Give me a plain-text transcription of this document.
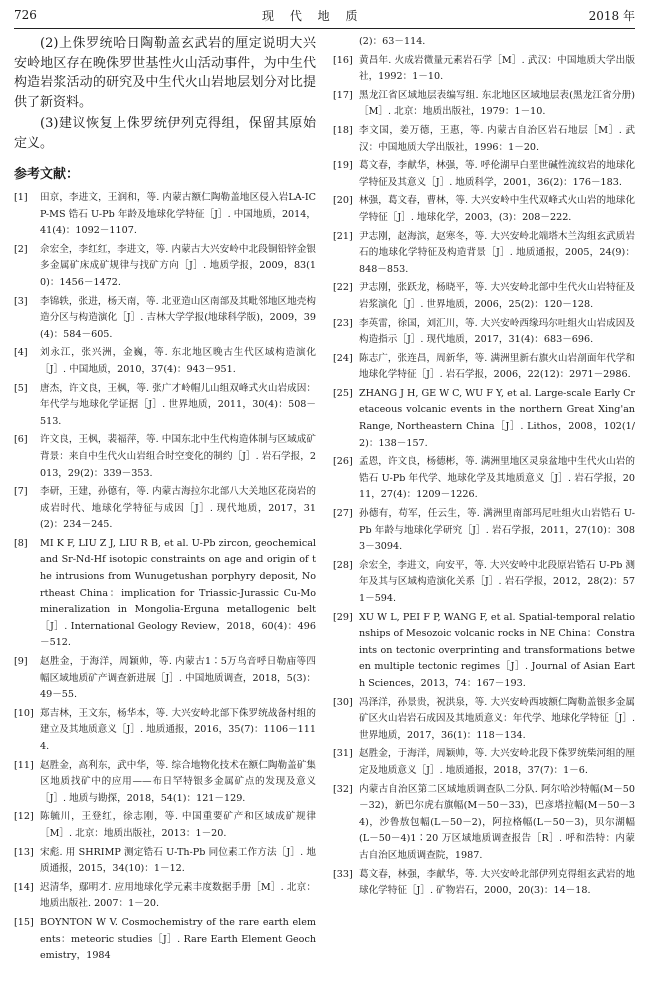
726	现 代 地 质	2018 年

(2)上侏罗统哈日陶勒盖玄武岩的厘定说明大兴安岭地区存在晚侏罗世基性火山活动事件，为中生代构造岩浆活动的研究及中生代火山岩地层划分对比提供了新资料。

(3)建议恢复上侏罗统伊列克得组，保留其原始定义。

参考文献：
[1]	田京，李进文，王润和，等. 内蒙古额仁陶勒盖地区侵入岩LA-ICP-MS 锆石 U-Pb 年龄及地球化学特征［J］. 中国地质，2014，41(4)：1092－1107.
[2]	佘宏全，李红红，李进文，等. 内蒙古大兴安岭中北段铜铅锌金银多金属矿床成矿规律与找矿方向［J］. 地质学报，2009，83(10)：1456－1472.
[3]	李锦轶，张进，杨天南，等. 北亚造山区南部及其毗邻地区地壳构造分区与构造演化［J］. 吉林大学学报(地球科学版)，2009，39(4)：584－605.
[4]	刘永江，张兴洲，金巍，等. 东北地区晚古生代区域构造演化［J］. 中国地质，2010，37(4)：943－951.
[5]	唐杰，许文良，王枫，等. 张广才岭帽儿山组双峰式火山岩成因：年代学与地球化学证据［J］. 世界地质，2011，30(4)：508－513.
[6]	许文良，王枫，裴福萍，等. 中国东北中生代构造体制与区域成矿背景：来自中生代火山岩组合时空变化的制约［J］. 岩石学报，2013，29(2)：339－353.
[7]	李研，王建，孙德有，等. 内蒙古海拉尔北部八大关地区花岗岩的成岩时代、地球化学特征与成因［J］. 现代地质，2017，31(2)：234－245.
[8]	MI K F, LIU Z J, LIU R B, et al. U-Pb zircon, geochemical and Sr-Nd-Hf isotopic constraints on age and origin of the intrusions from Wunugetushan porphyry deposit, Northeast China：implication for Triassic-Jurassic Cu-Mo mineralization in Mongolia-Erguna metallogenic belt［J］. International Geology Review，2018，60(4)：496－512.
[9]	赵胜金，于海洋，周颖帅，等. 内蒙古1∶5万乌音呼日勒庙等四幅区域地质矿产调查新进展［J］. 中国地质调查，2018，5(3)：49－55.
[10] 郑吉林，王文东，杨华本，等. 大兴安岭北部下侏罗统战备村组的建立及其地质意义［J］. 地质通报，2016，35(7)：1106－1114.
[11] 赵胜金，高利东，武中华，等. 综合地物化技术在额仁陶勒盖矿集区地质找矿中的应用——布日罕特银多金属矿点的发现及意义［J］. 地质与勘探，2018，54(1)：121－129.
[12] 陈毓川，王登红，徐志刚，等. 中国重要矿产和区域成矿规律［M］. 北京：地质出版社，2013：1－20.
[13] 宋彪. 用 SHRIMP 测定锆石 U-Th-Pb 同位素工作方法［J］. 地质通报，2015，34(10)：1－12.
[14] 迟清华，鄢明才. 应用地球化学元素丰度数据手册［M］. 北京：地质出版社. 2007：1－20.
[15] BOYNTON W V. Cosmochemistry of the rare earth elements：meteoric studies［J］. Rare Earth Element Geochemistry，1984
(2)：63－114.
[16] 黄昌年. 火成岩微量元素岩石学［M］. 武汉：中国地质大学出版社，1992：1－10.
[17] 黑龙江省区域地层表编写组. 东北地区区域地层表(黑龙江省分册)［M］. 北京：地质出版社，1979：1－10.
[18] 李文国，姜万德，王惠，等. 内蒙古自治区岩石地层［M］. 武汉：中国地质大学出版社，1996：1－20.
[19] 葛文春，李献华，林强，等. 呼伦湖早白垩世碱性流纹岩的地球化学特征及其意义［J］. 地质科学，2001，36(2)：176－183.
[20] 林强，葛文春，曹林，等. 大兴安岭中生代双峰式火山岩的地球化学特征［J］. 地球化学，2003，(3)：208－222.
[21] 尹志刚，赵海滨，赵寒冬，等. 大兴安岭北端塔木兰沟组玄武质岩石的地球化学特征及构造背景［J］. 地质通报，2005，24(9)：848－853.
[22] 尹志刚，张跃龙，杨晓平，等. 大兴安岭北部中生代火山岩特征及岩浆演化［J］. 世界地质，2006，25(2)：120－128.
[23] 李英雷，徐国，刘汇川，等. 大兴安岭西缘玛尔吐组火山岩成因及构造指示［J］. 现代地质，2017，31(4)：683－696.
[24] 陈志广，张连昌，周新华，等. 满洲里新右旗火山岩剖面年代学和地球化学特征［J］. 岩石学报，2006，22(12)：2971－2986.
[25] ZHANG J H, GE W C, WU F Y, et al. Large-scale Early Cretaceous volcanic events in the northern Great Xing'an Range, Northeastern China［J］. Lithos，2008，102(1/2)：138－157.
[26] 孟恩，许文良，杨德彬，等. 满洲里地区灵泉盆地中生代火山岩的锆石 U-Pb 年代学、地球化学及其地质意义［J］. 岩石学报，2011，27(4)：1209－1226.
[27] 孙德有，苟军，任云生，等. 满洲里南部玛尼吐组火山岩锆石 U-Pb 年龄与地球化学研究［J］. 岩石学报，2011，27(10)：3083－3094.
[28] 佘宏全，李进文，向安平，等. 大兴安岭中北段原岩锆石 U-Pb 测年及其与区域构造演化关系［J］. 岩石学报，2012，28(2)：571－594.
[29] XU W L, PEI F P, WANG F, et al. Spatial-temporal relationships of Mesozoic volcanic rocks in NE China：Constraints on tectonic overprinting and transformations between multiple tectonic regimes［J］. Journal of Asian Earth Sciences，2013，74：167－193.
[30] 冯泽洋，孙景贵，祝洪泉，等. 大兴安岭西坡额仁陶勒盖银多金属矿区火山岩岩石成因及其地质意义：年代学、地球化学特征［J］. 世界地质，2017，36(1)：118－134.
[31] 赵胜金，于海洋，周颖帅，等. 大兴安岭北段下侏罗统柴河组的厘定及地质意义［J］. 地质通报，2018，37(7)：1－6.
[32] 内蒙古自治区第二区域地质调查队二分队. 阿尔哈沙特幅(M－50－32)，新巴尔虎右旗幅(M－50－33)，巴彦塔拉幅(M－50－34)，沙鲁敖包幅(L－50－2)，阿拉格幅(L－50－3)，贝尔湖幅(L－50－4)1∶20 万区域地质调查报告［R］. 呼和浩特：内蒙古自治区地质调查院，1987.
[33] 葛文春，林强，李献华，等. 大兴安岭北部伊列克得组玄武岩的地球化学特征［J］. 矿物岩石，2000，20(3)：14－18.
